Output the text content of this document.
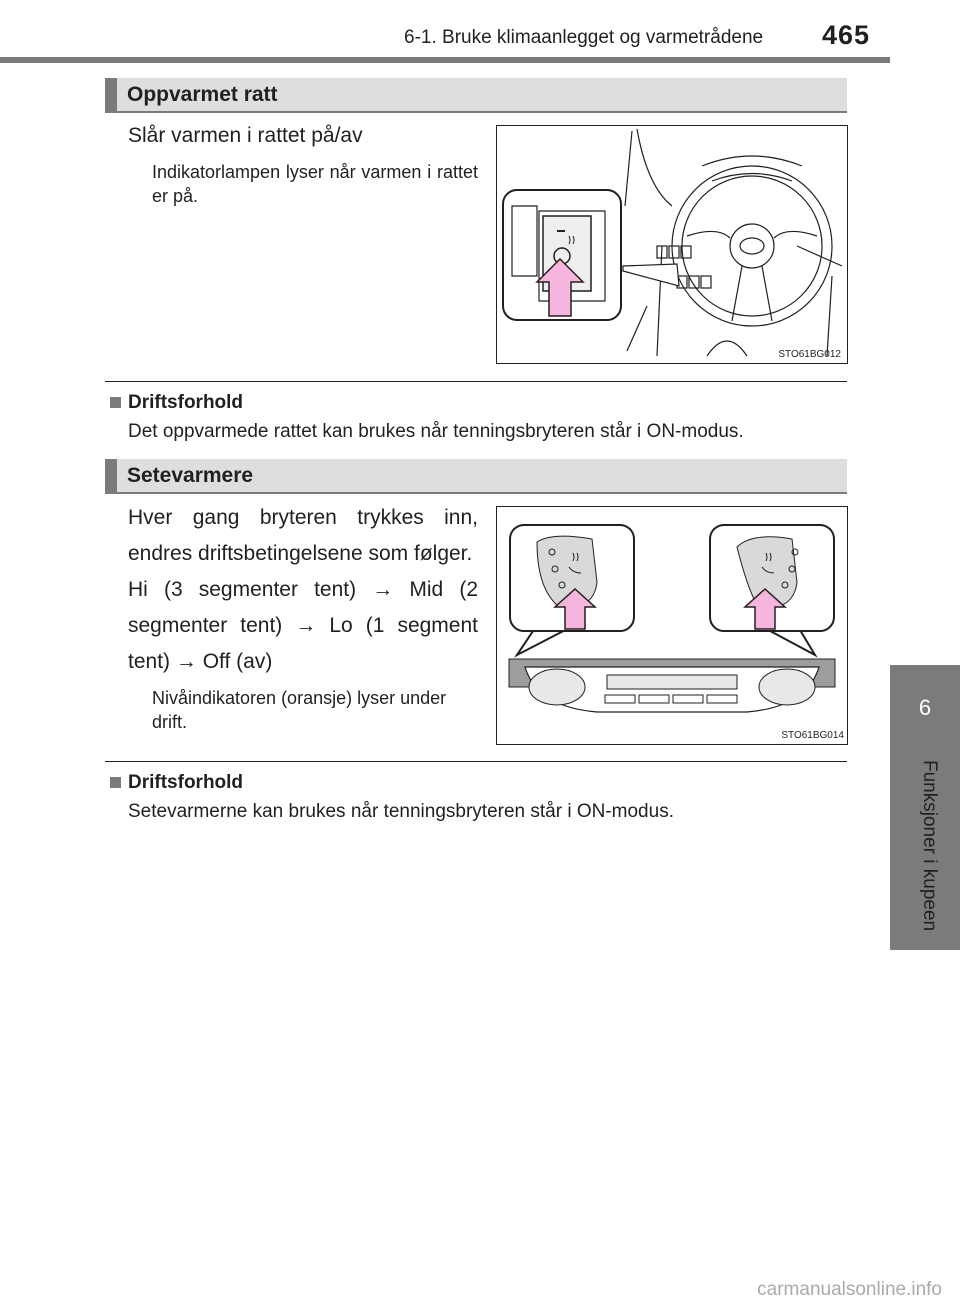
6-1. Bruke klimaanlegget og varmetrådene 465
6
Funksjoner i kupeen
Oppvarmet ratt
Slår varmen i rattet på/av
Indikatorlampen lyser når varmen i rattet er på.
STO61BG012
Driftsforhold
Det oppvarmede rattet kan brukes når tenningsbryteren står i ON-modus.
Setevarmere
Hver gang bryteren trykkes inn, endres driftsbetingelsene som følger.
Hi (3 segmenter tent) → Mid (2 segmenter tent) → Lo (1 segment tent) → Off (av)
Nivåindikatoren (oransje) lyser under drift.
STO61BG014
Driftsforhold
Setevarmerne kan brukes når tenningsbryteren står i ON-modus.
carmanualsonline.info
